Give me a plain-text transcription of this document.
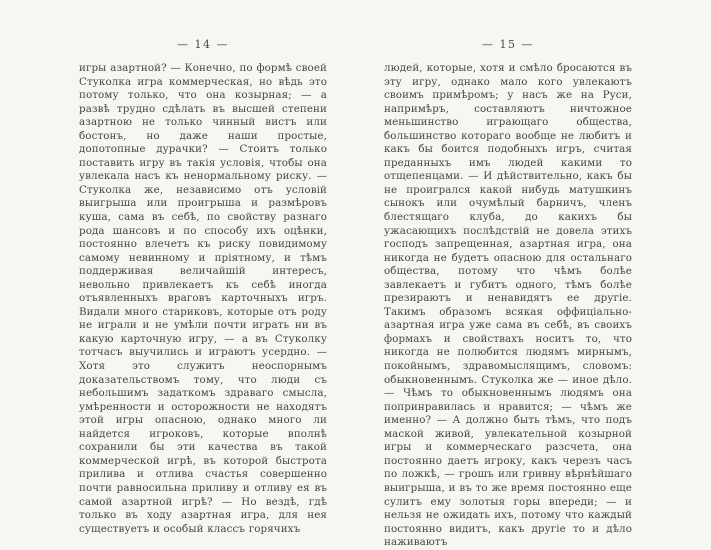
— 14 —
игры азартной? — Конечно, по формѣ своей Стуколка игра коммерческая, но вѣдь это потому только, что она козырная; — а развѣ трудно сдѣлать въ высшей степени азартною не только чинный вистъ или бостонъ, но даже наши простые, допотопные дурачки? — Стоитъ только поставить игру въ такія условія, чтобы она увлекала насъ къ ненормальному риску. — Стуколка же, независимо отъ условій выигрыша или проигрыша и размѣровъ куша, сама въ себѣ, по свойству разнаго рода шансовъ и по способу ихъ оцѣнки, постоянно влечетъ къ риску повидимому самому невинному и пріятному, и тѣмъ поддерживая величайшій интересъ, невольно привлекаетъ къ себѣ иногда отъявленныхъ враговъ карточныхъ игръ. Видали много стариковъ, которые отъ роду не играли и не умѣли почти играть ни въ какую карточную игру, — а въ Стуколку тотчасъ выучились и играютъ усердно. — Хотя это служитъ неоспорнымъ доказательствомъ тому, что люди съ небольшимъ задаткомъ здраваго смысла, умѣренности и осторожности не находятъ этой игры опасною, однако много ли найдется игроковъ, которые вполнѣ сохранили бы эти качества въ такой коммерческой игрѣ, въ которой быстрота прилива и отлива счастья совершенно почти равносильна приливу и отливу ея въ самой азартной игрѣ? — Но вездѣ, гдѣ только въ ходу азартная игра, для нея существуетъ и особый классъ горячихъ
— 15 —
людей, которые, хотя и смѣло бросаются въ эту игру, однако мало кого увлекаютъ своимъ примѣромъ; у насъ же на Руси, напримѣръ, составляютъ ничтожное меньшинство играющаго общества, большинство котораго вообще не любитъ и какъ бы боится подобныхъ игръ, считая преданныхъ имъ людей какими то отщепенцами. — И дѣйствительно, какъ бы не проигрался какой нибудь матушкинъ сынокъ или очумѣлый барничъ, членъ блестящаго клуба, до какихъ бы ужасающихъ послѣдствій не довела этихъ господъ запрещенная, азартная игра, она никогда не будетъ опасною для остальнаго общества, потому что чѣмъ болѣе завлекаетъ и губитъ одного, тѣмъ болѣе презираютъ и ненавидятъ ее другіе. Такимъ образомъ всякая оффиціально-азартная игра уже сама въ себѣ, въ своихъ формахъ и свойствахъ носитъ то, что никогда не полюбится людямъ мирнымъ, покойнымъ, здравомыслящимъ, словомъ: обыкновеннымъ. Стуколка же — иное дѣло. — Чѣмъ то обыкновеннымъ людямъ она попринравилась и нравится; — чѣмъ же именно? — А должно быть тѣмъ, что подъ маской живой, увлекательной козырной игры и коммерческаго разсчета, она постоянно даетъ игроку, какъ черезъ часъ по ложкѣ, — грошъ или гривну вѣрнѣйшаго выигрыша, и въ то же время постоянно еще сулитъ ему золотыя горы впереди; — и нельзя не ожидать ихъ, потому что каждый постоянно видитъ, какъ другіе то и дѣло наживаютъ
